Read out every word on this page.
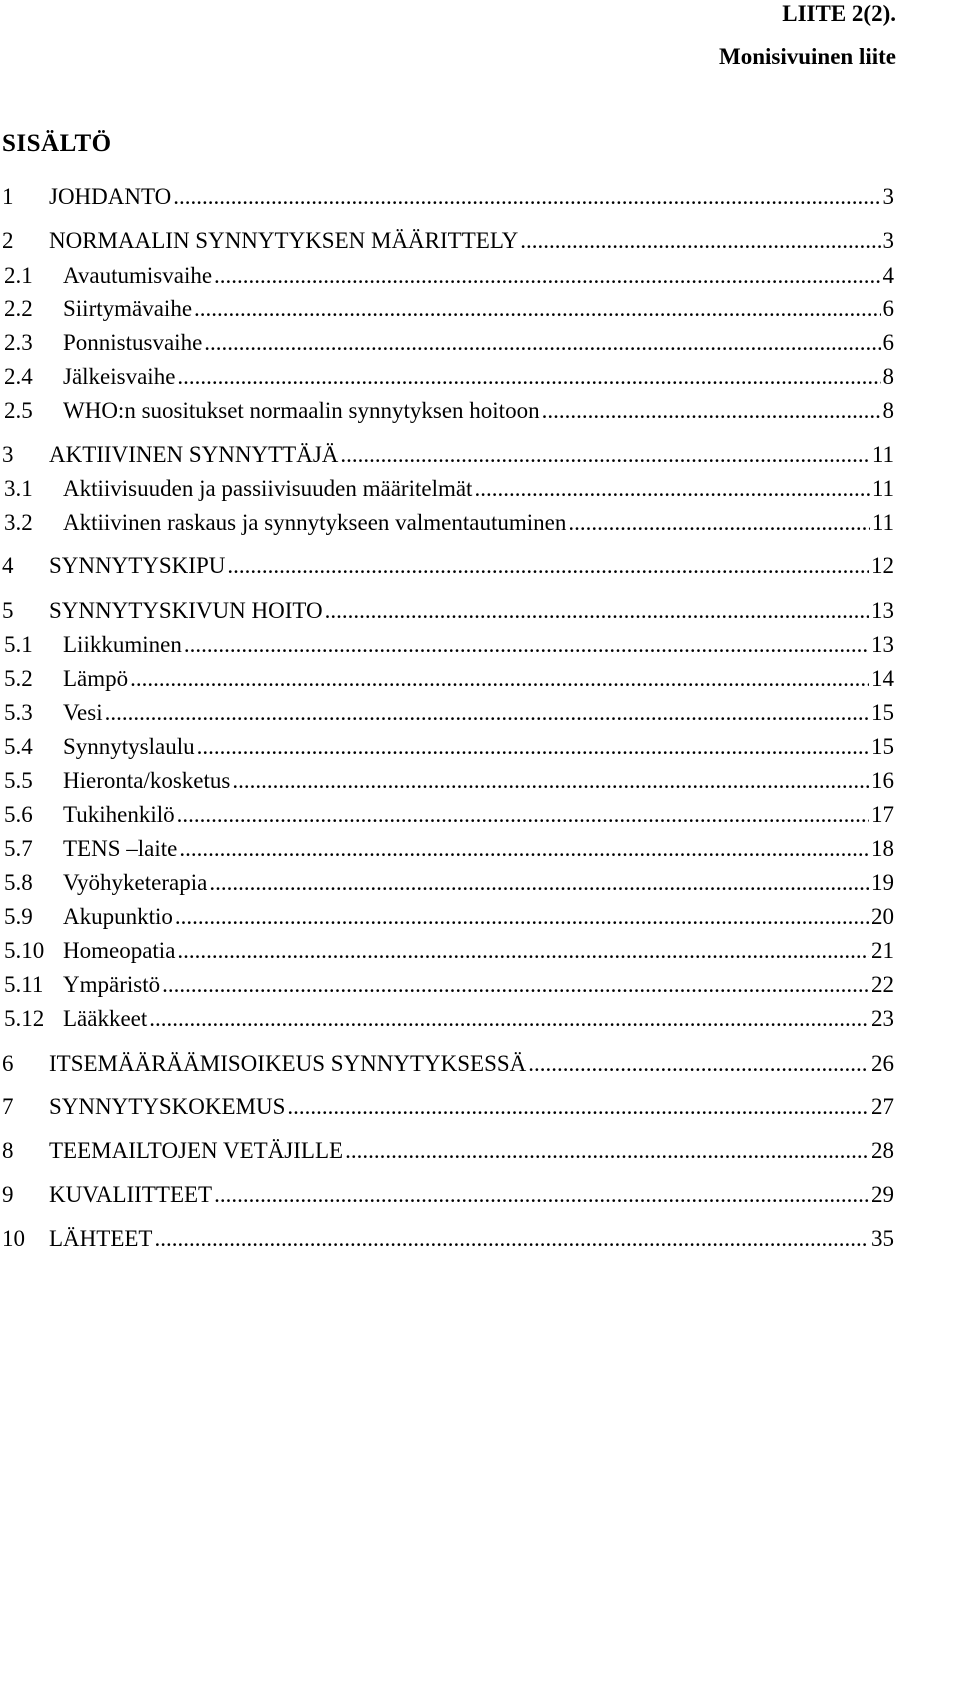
LIITE 2(2).
Monisivuinen liite
SISÄLTÖ
1	JOHDANTO .....	3
2	NORMAALIN SYNNYTYKSEN MÄÄRITTELY .....	3
2.1	Avautumisvaihe .....	4
2.2	Siirtymävaihe .....	6
2.3	Ponnistusvaihe .....	6
2.4	Jälkeisvaihe .....	8
2.5	WHO:n suositukset normaalin synnytyksen hoitoon .....	8
3	AKTIIVINEN SYNNYTTÄJÄ .....	11
3.1	Aktiivisuuden ja passiivisuuden määritelmät .....	11
3.2	Aktiivinen raskaus ja synnytykseen valmentautuminen .....	11
4	SYNNYTYSKIPU .....	12
5	SYNNYTYSKIVUN HOITO .....	13
5.1	Liikkuminen .....	13
5.2	Lämpö .....	14
5.3	Vesi .....	15
5.4	Synnytyslaulu .....	15
5.5	Hieronta/kosketus .....	16
5.6	Tukihenkilö .....	17
5.7	TENS –laite .....	18
5.8	Vyöhyketerapia .....	19
5.9	Akupunktio .....	20
5.10 Homeopatia .....	21
5.11 Ympäristö .....	22
5.12 Lääkkeet .....	23
6	ITSEMÄÄRÄÄMISOIKEUS SYNNYTYKSESSÄ .....	26
7	SYNNYTYSKOKEMUS .....	27
8	TEEMAILTOJEN VETÄJILLE .....	28
9	KUVALIITTEET .....	29
10	LÄHTEET .....	35
